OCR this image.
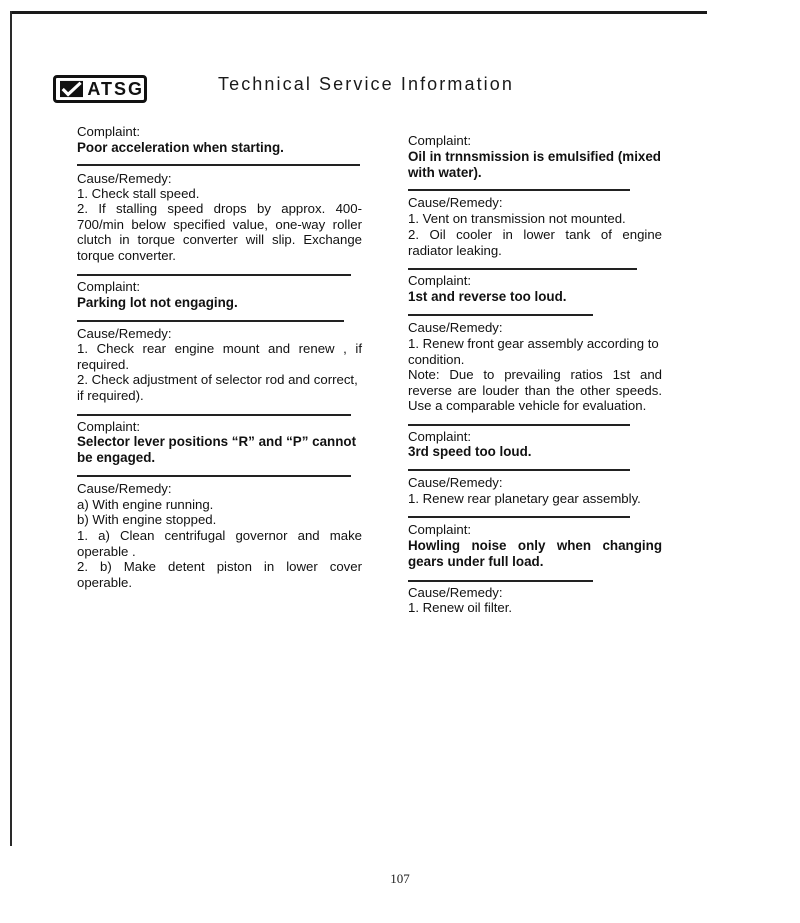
ATSG	Technical Service Information
Complaint:
Poor acceleration when starting.
Cause/Remedy:
1. Check stall speed.
2. If stalling speed drops by approx. 400-700/min below specified value, one-way roller clutch in torque converter will slip. Exchange torque converter.
Complaint:
Parking lot not engaging.
Cause/Remedy:
1. Check rear engine mount and renew , if required.
2. Check adjustment of selector rod and correct, if required).
Complaint:
Selector lever positions “R” and “P” cannot be engaged.
Cause/Remedy:
a) With engine running.
b) With engine stopped.
1. a) Clean centrifugal governor and make operable .
2. b) Make detent piston in lower cover operable.
Complaint:
Oil in trnnsmission is emulsified (mixed with water).
Cause/Remedy:
1. Vent on transmission not mounted.
2. Oil cooler in lower tank of engine radiator leaking.
Complaint:
1st and reverse too loud.
Cause/Remedy:
1. Renew front gear assembly according to condition.
Note: Due to prevailing ratios 1st and reverse are louder than the other speeds. Use a comparable vehicle for evaluation.
Complaint:
3rd speed too loud.
Cause/Remedy:
1. Renew rear planetary gear assembly.
Complaint:
Howling noise only when changing gears under full load.
Cause/Remedy:
1. Renew oil filter.
107
